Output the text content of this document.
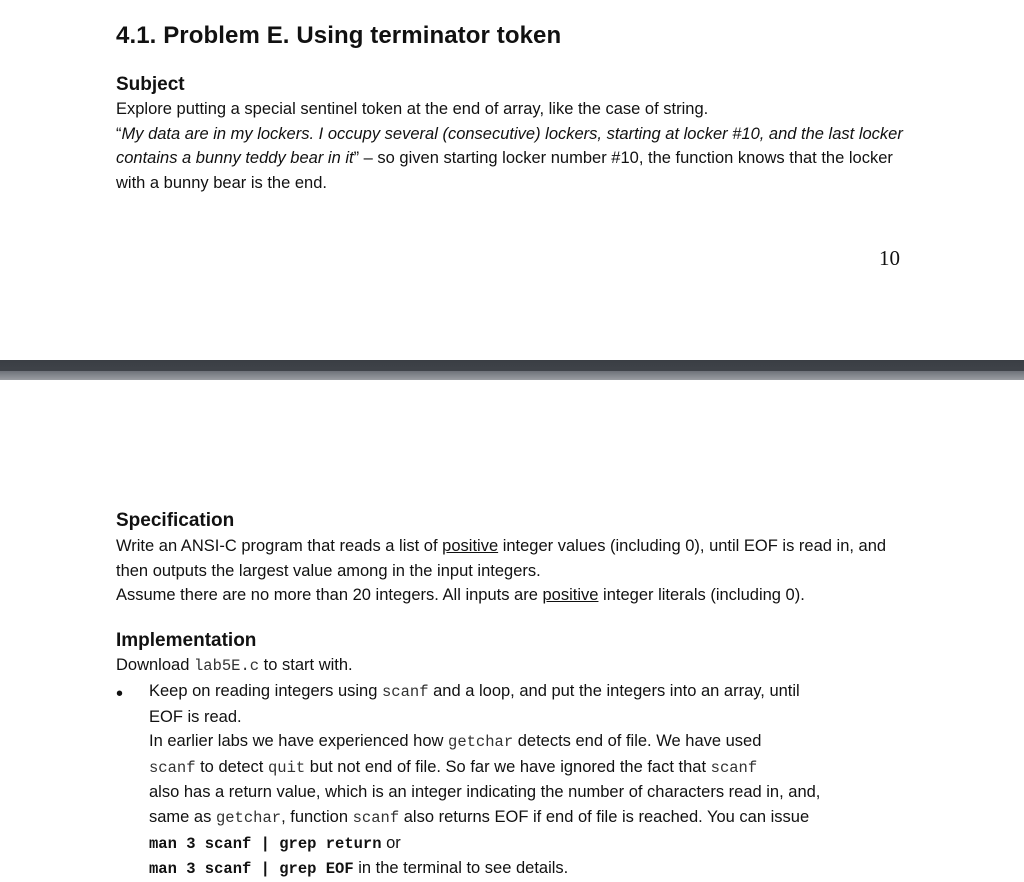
4.1. Problem E. Using terminator token
Subject
Explore putting a special sentinel token at the end of array, like the case of string.
“My data are in my lockers. I occupy several (consecutive) lockers, starting at locker #10, and the last locker contains a bunny teddy bear in it” – so given starting locker number #10, the function knows that the locker with a bunny bear is the end.
10
Specification
Write an ANSI-C program that reads a list of positive integer values (including 0), until EOF is read in, and then outputs the largest value among in the input integers.
Assume there are no more than 20 integers. All inputs are positive integer literals (including 0).
Implementation
Download lab5E.c to start with.
• Keep on reading integers using scanf and a loop, and put the integers into an array, until
EOF is read.
In earlier labs we have experienced how getchar detects end of file. We have used
scanf to detect quit but not end of file. So far we have ignored the fact that scanf
also has a return value, which is an integer indicating the number of characters read in, and,
same as getchar, function scanf also returns EOF if end of file is reached. You can issue
man 3 scanf | grep return or
man 3 scanf | grep EOF in the terminal to see details.
